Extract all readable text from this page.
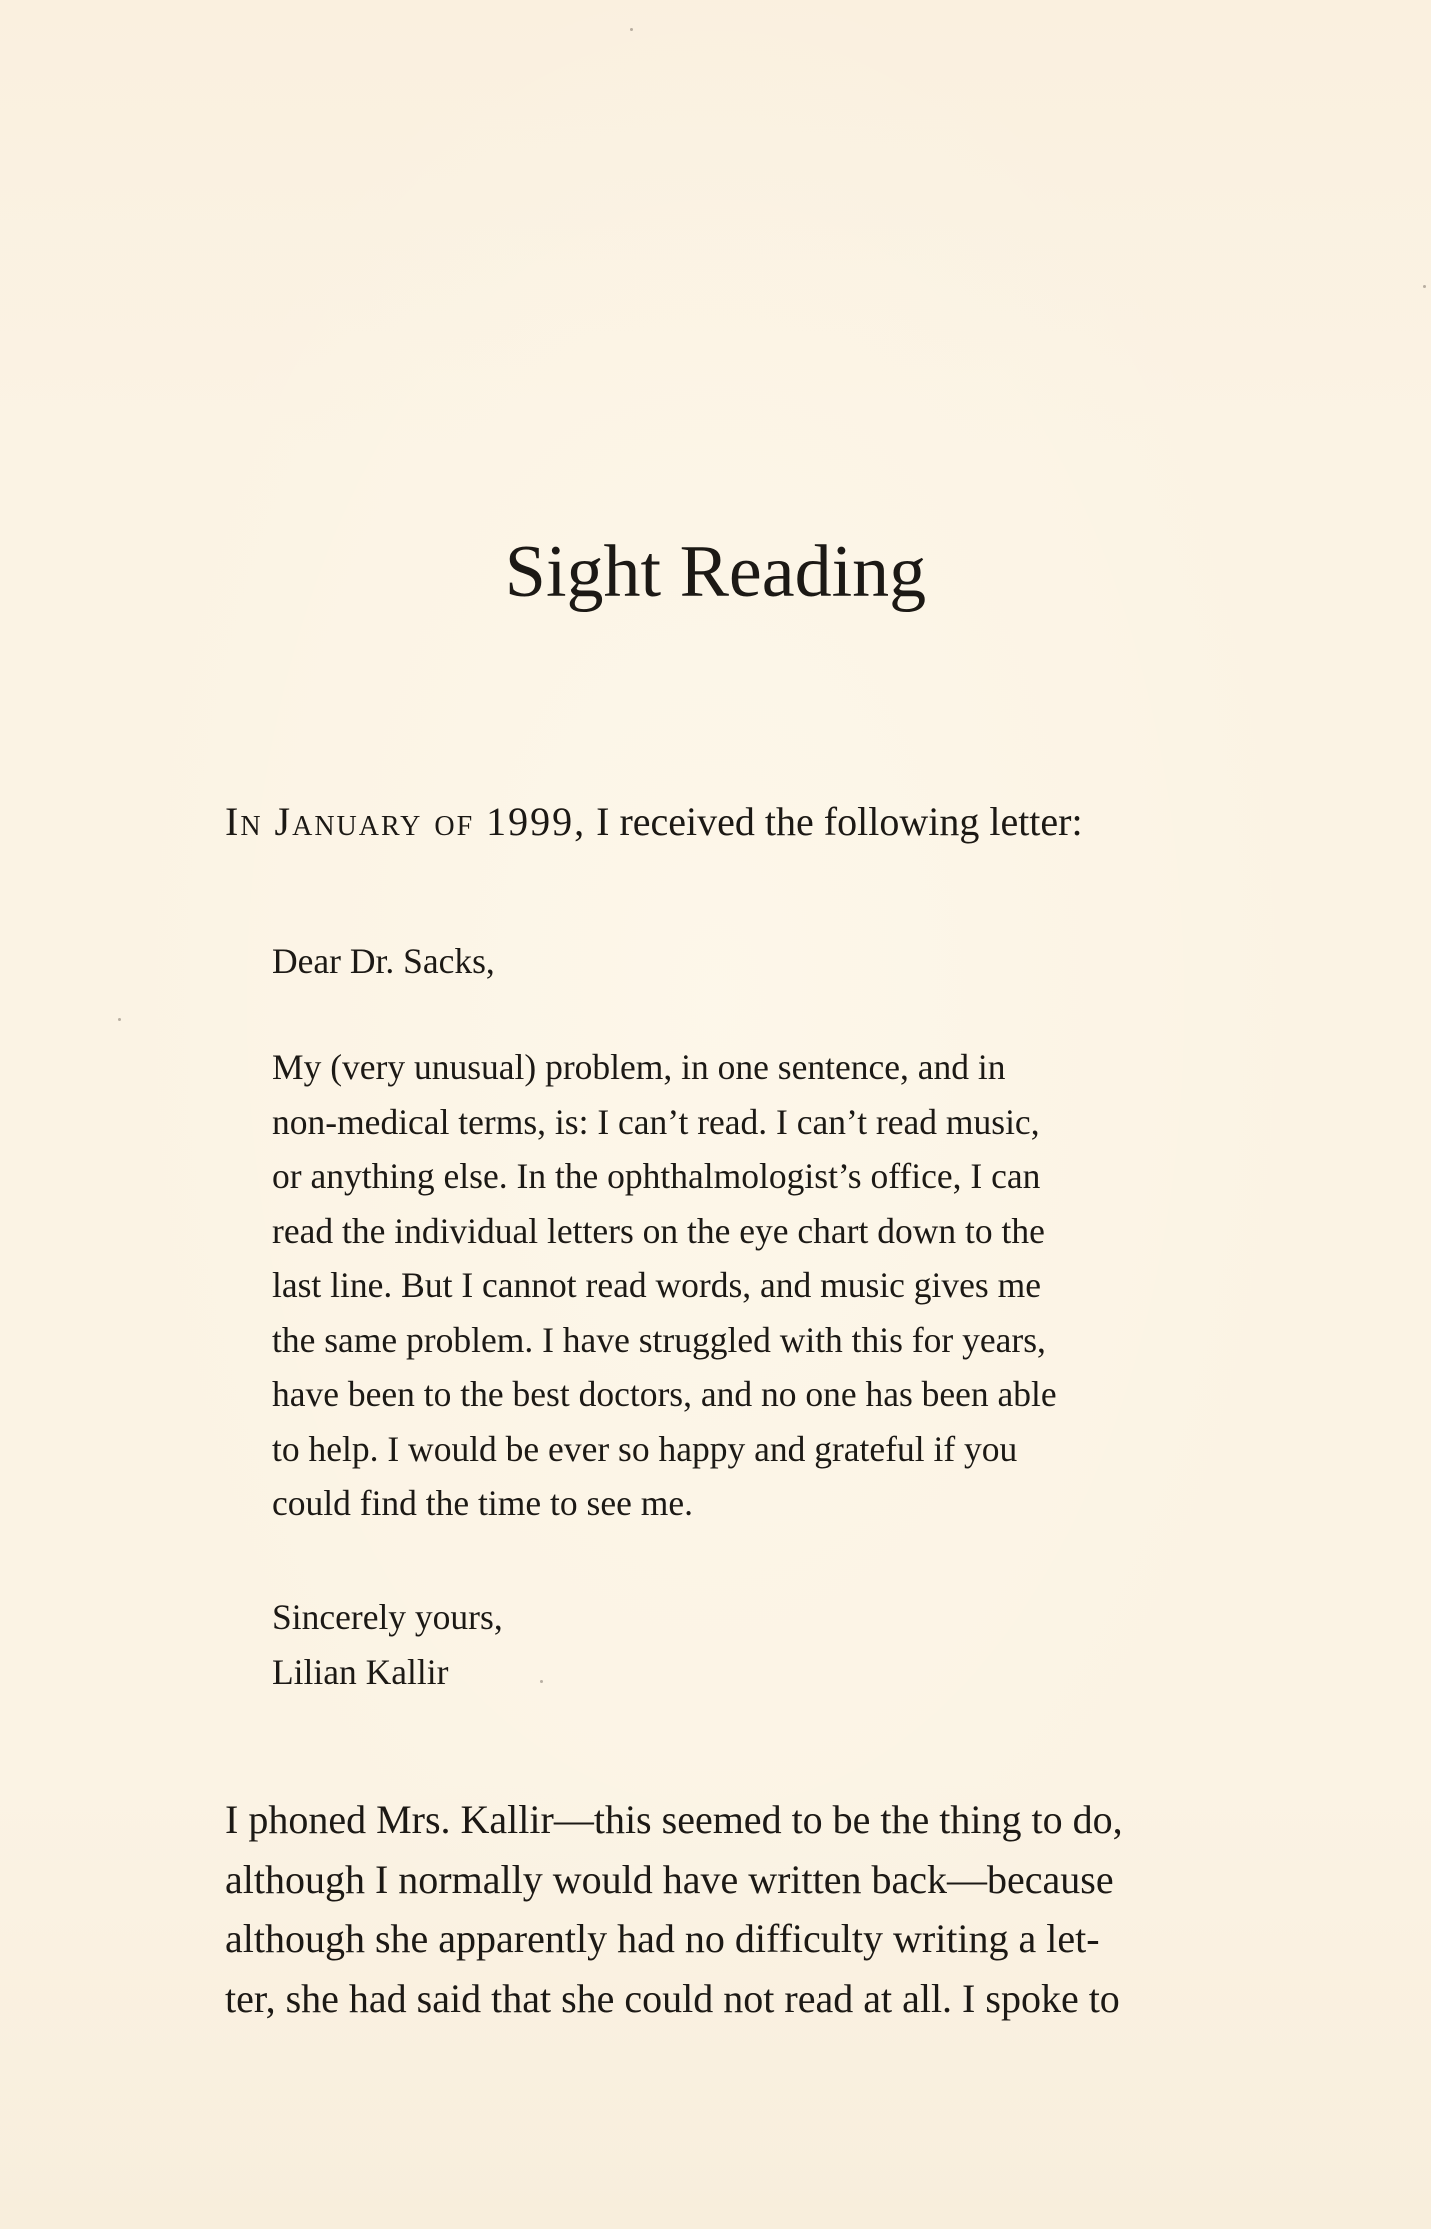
Sight Reading
In January of 1999, I received the following letter:
Dear Dr. Sacks,
My (very unusual) problem, in one sentence, and in
non-medical terms, is: I can’t read. I can’t read music,
or anything else. In the ophthalmologist’s office, I can
read the individual letters on the eye chart down to the
last line. But I cannot read words, and music gives me
the same problem. I have struggled with this for years,
have been to the best doctors, and no one has been able
to help. I would be ever so happy and grateful if you
could find the time to see me.
Sincerely yours,
Lilian Kallir
I phoned Mrs. Kallir—this seemed to be the thing to do,
although I normally would have written back—because
although she apparently had no difficulty writing a let-
ter, she had said that she could not read at all. I spoke to
